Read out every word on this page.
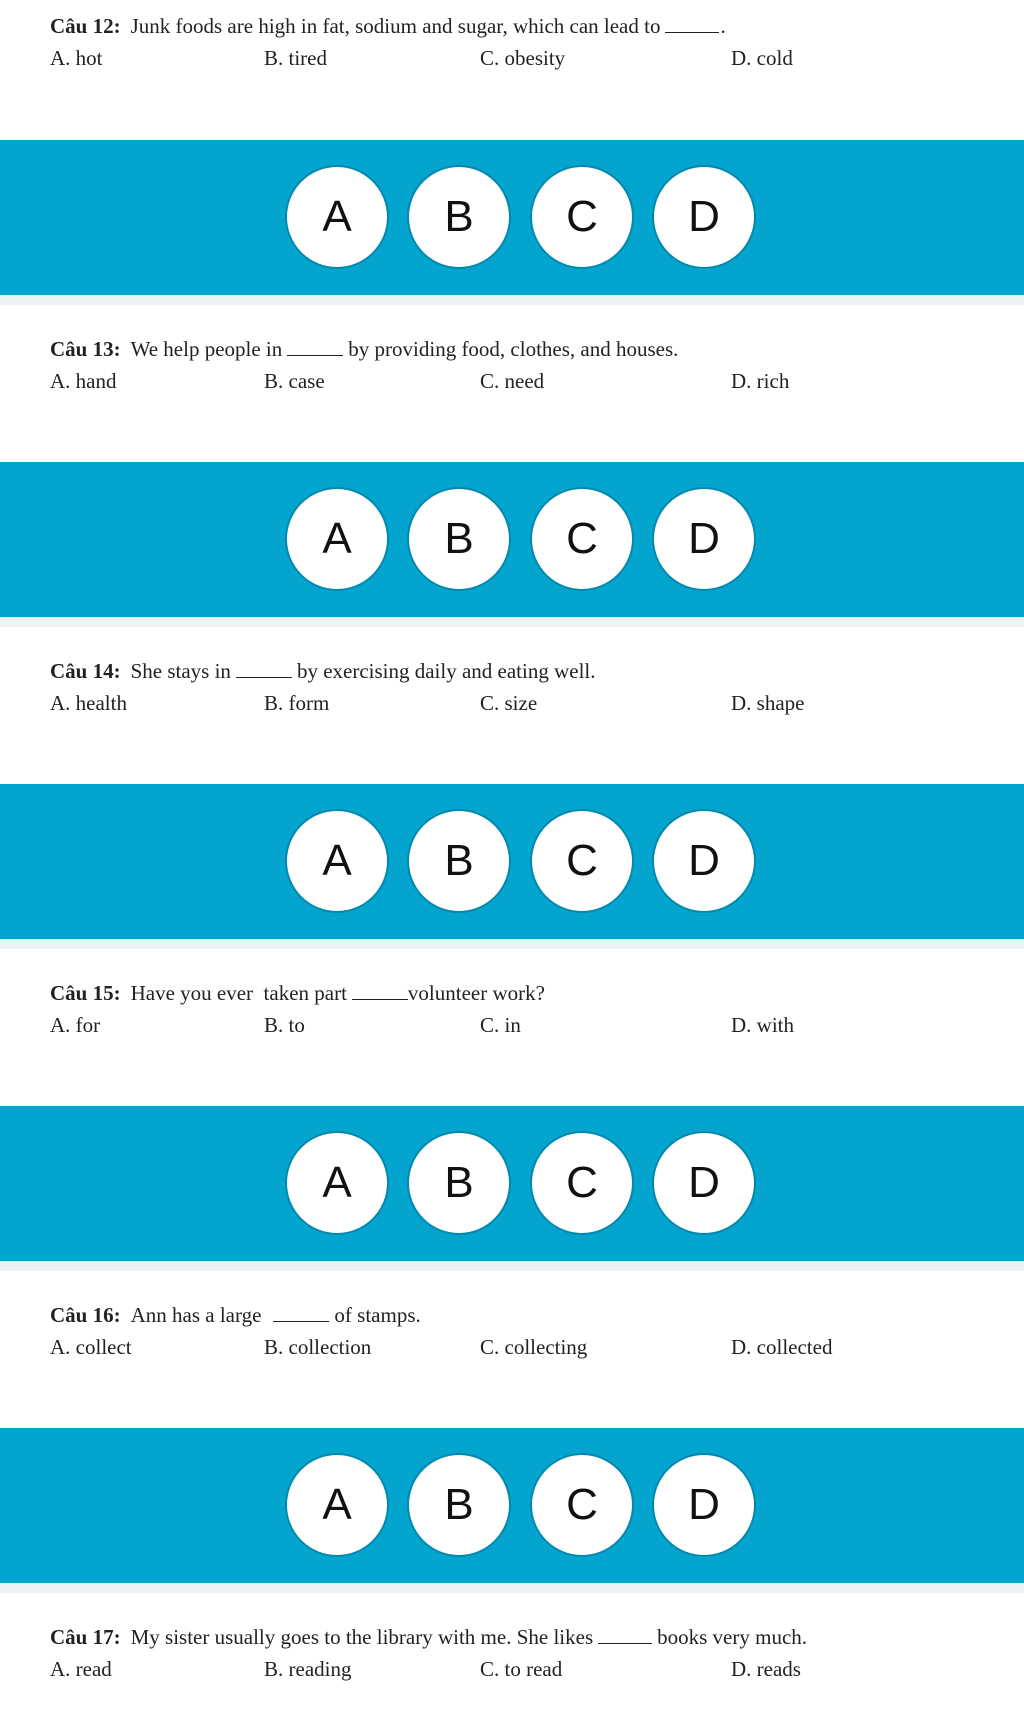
Câu 12: Junk foods are high in fat, sodium and sugar, which can lead to	.
A. hot	B. tired	C. obesity	D. cold
A	B	C	D
Câu 13: We help people in	by providing food, clothes, and houses.
A. hand	B. case	C. need	D. rich
A	B	C	D
Câu 14: She stays in	by exercising daily and eating well.
A. health	B. form	C. size	D. shape
A	B	C	D
Câu 15: Have you ever  taken part	volunteer work?
A. for	B. to	C. in	D. with
A	B	C	D
Câu 16: Ann has a large	of stamps.
A. collect	B. collection	C. collecting	D. collected
A	B	C	D
Câu 17: My sister usually goes to the library with me. She likes	books very much.
A. read	B. reading	C. to read	D. reads
